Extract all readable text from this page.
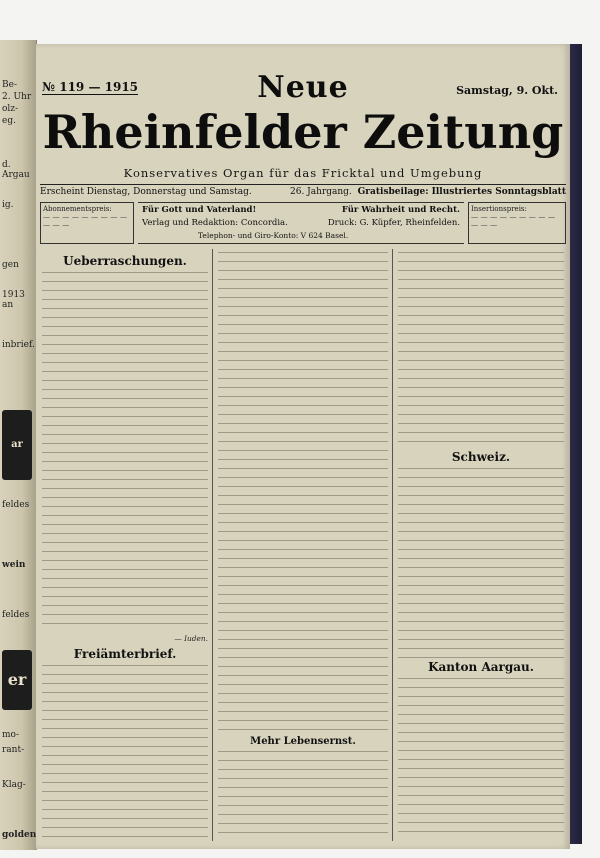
Be-
2. Uhr
olz-
eg.
d. Argau
ig.
gen
1913 an
inbrief.
ar
feldes
wein
feldes
er
mo-
rant-
Klag-
golden
№ 119 — 1915	Samstag, 9. Okt.
Neue
Rheinfelder Zeitung
Konservatives Organ für das Fricktal und Umgebung
Erscheint Dienstag, Donnerstag und Samstag.	26. Jahrgang. Gratisbeilage: Illustriertes Sonntagsblatt
Abonnementspreis:
— — — — — — — — — — — —
Für Gott und Vaterland!	Für Wahrheit und Recht.
Verlag und Redaktion: Concordia.	Druck: G. Küpfer, Rheinfelden.
Telephon- und Giro-Konto: V 624 Basel.
Insertionspreis:
— — — — — — — — — — — —
Ueberraschungen.
— Iuden.
Freiämterbrief.
Mehr Lebensernst.
Schweiz.
Kanton Aargau.
